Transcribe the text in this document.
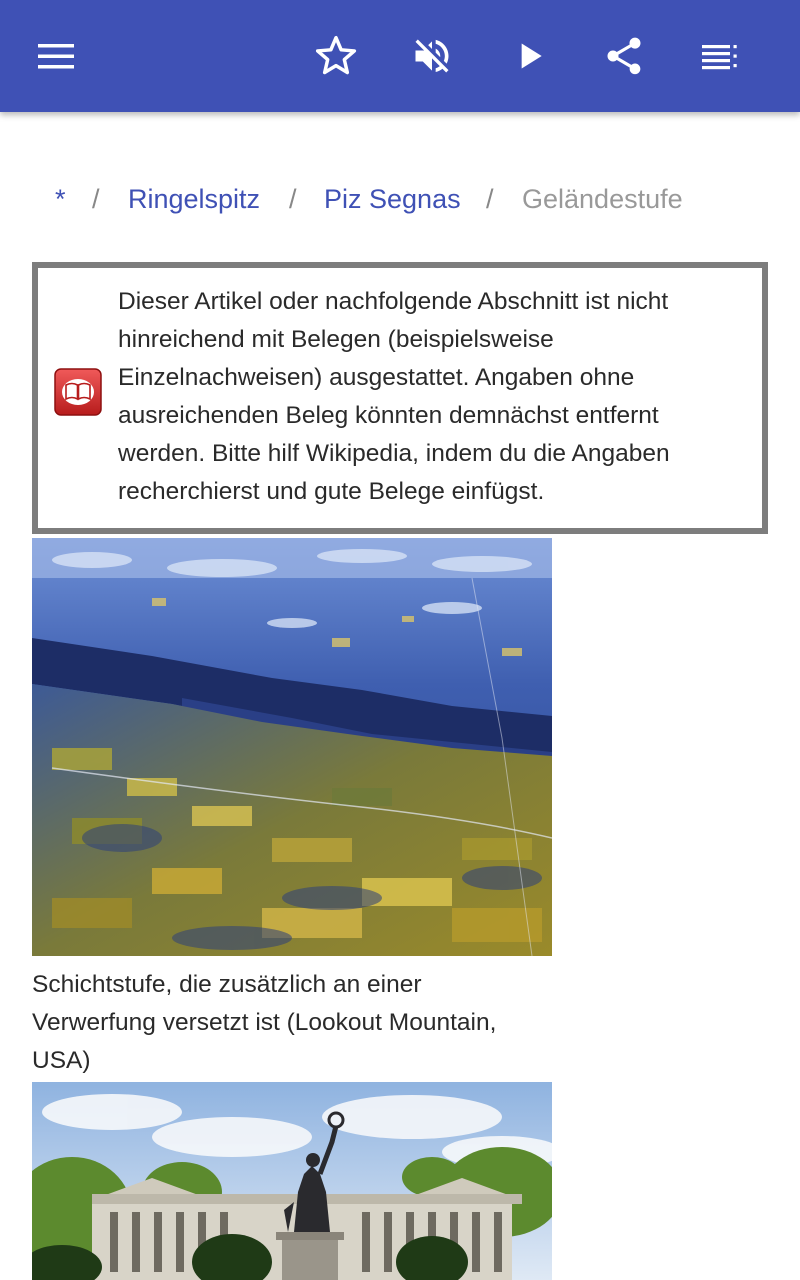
* / Ringelspitz / Piz Segnas / Geländestufe
Dieser Artikel oder nachfolgende Abschnitt ist nicht hinreichend mit Belegen (beispielsweise Einzelnachweisen) ausgestattet. Angaben ohne ausreichenden Beleg könnten demnächst entfernt werden. Bitte hilf Wikipedia, indem du die Angaben recherchierst und gute Belege einfügst.
Schichtstufe, die zusätzlich an einer Verwerfung versetzt ist (Lookout Mountain, USA)
